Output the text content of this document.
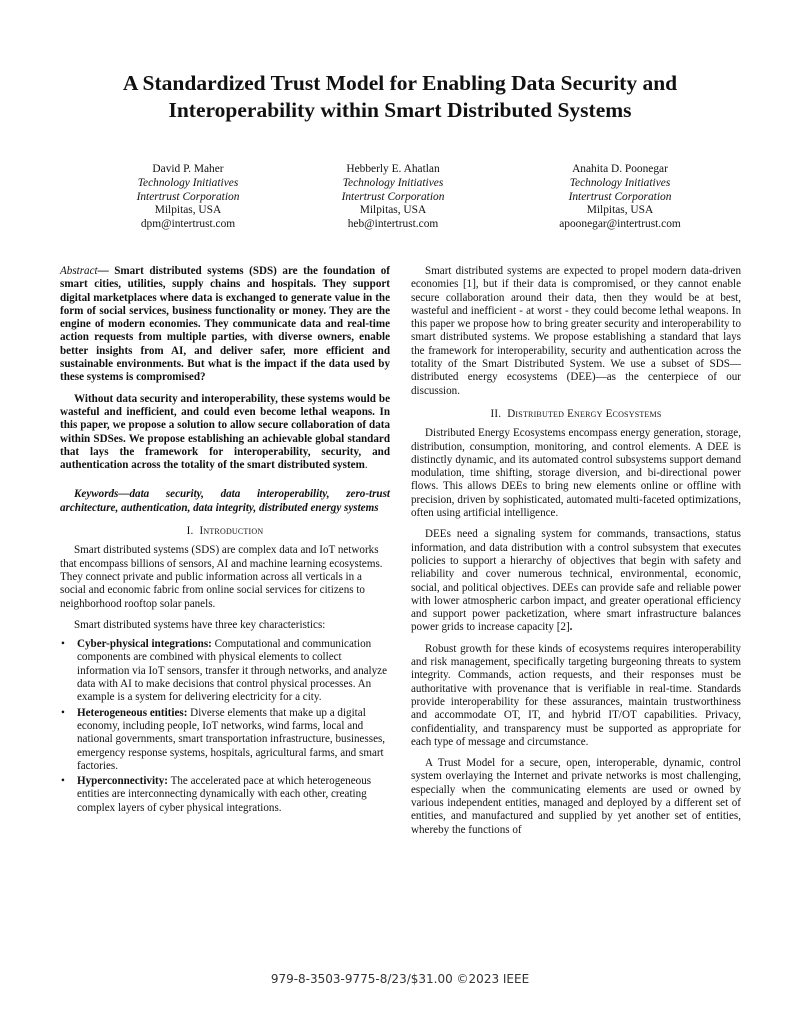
A Standardized Trust Model for Enabling Data Security and
Interoperability within Smart Distributed Systems
David P. Maher
Technology Initiatives
Intertrust Corporation
Milpitas, USA
dpm@intertrust.com
Hebberly E. Ahatlan
Technology Initiatives
Intertrust Corporation
Milpitas, USA
heb@intertrust.com
Anahita D. Poonegar
Technology Initiatives
Intertrust Corporation
Milpitas, USA
apoonegar@intertrust.com

Abstract— Smart distributed systems (SDS) are the foundation of smart cities, utilities, supply chains and hospitals. They support digital marketplaces where data is exchanged to generate value in the form of social services, business functionality or money. They are the engine of modern economies. They communicate data and real-time action requests from multiple parties, with diverse owners, enable better insights from AI, and deliver safer, more efficient and sustainable environments. But what is the impact if the data used by these systems is compromised?

Without data security and interoperability, these systems would be wasteful and inefficient, and could even become lethal weapons. In this paper, we propose a solution to allow secure collaboration of data within SDSes. We propose establishing an achievable global standard that lays the framework for interoperability, security, and authentication across the totality of the smart distributed system.

Keywords—data security, data interoperability, zero-trust architecture, authentication, data integrity, distributed energy systems

I. Introduction

Smart distributed systems (SDS) are complex data and IoT networks that encompass billions of sensors, AI and machine learning ecosystems. They connect private and public information across all verticals in a social and economic fabric from online social services for citizens to neighborhood rooftop solar panels.

Smart distributed systems have three key characteristics:

• Cyber-physical integrations: Computational and communication components are combined with physical elements to collect information via IoT sensors, transfer it through networks, and analyze data with AI to make decisions that control physical processes. An example is a system for delivering electricity for a city.
• Heterogeneous entities: Diverse elements that make up a digital economy, including people, IoT networks, wind farms, local and national governments, smart transportation infrastructure, businesses, emergency response systems, hospitals, agricultural farms, and smart factories.
• Hyperconnectivity: The accelerated pace at which heterogeneous entities are interconnecting dynamically with each other, creating complex layers of cyber physical integrations.

Smart distributed systems are expected to propel modern data-driven economies [1], but if their data is compromised, or they cannot enable secure collaboration around their data, then they would be at best, wasteful and inefficient - at worst - they could become lethal weapons. In this paper we propose how to bring greater security and interoperability to smart distributed systems. We propose establishing a standard that lays the framework for interoperability, security and authentication across the totality of the Smart Distributed System. We use a subset of SDS—distributed energy ecosystems (DEE)—as the centerpiece of our discussion.

II. Distributed Energy Ecosystems

Distributed Energy Ecosystems encompass energy generation, storage, distribution, consumption, monitoring, and control elements. A DEE is distinctly dynamic, and its automated control subsystems support demand modulation, time shifting, storage diversion, and bi-directional power flows. This allows DEEs to bring new elements online or offline with precision, driven by sophisticated, automated multi-faceted optimizations, often using artificial intelligence.

DEEs need a signaling system for commands, transactions, status information, and data distribution with a control subsystem that executes policies to support a hierarchy of objectives that begin with safety and reliability and cover numerous technical, environmental, economic, social, and political objectives. DEEs can provide safe and reliable power with lower atmospheric carbon impact, and greater operational efficiency and support power packetization, where smart infrastructure balances power grids to increase capacity [2].

Robust growth for these kinds of ecosystems requires interoperability and risk management, specifically targeting burgeoning threats to system integrity. Commands, action requests, and their responses must be authoritative with provenance that is verifiable in real-time. Standards provide interoperability for these assurances, maintain trustworthiness and accommodate OT, IT, and hybrid IT/OT capabilities. Privacy, confidentiality, and transparency must be supported as appropriate for each type of message and circumstance.

A Trust Model for a secure, open, interoperable, dynamic, control system overlaying the Internet and private networks is most challenging, especially when the communicating elements are used or owned by various independent entities, managed and deployed by a different set of entities, and manufactured and supplied by yet another set of entities, whereby the functions of

979-8-3503-9775-8/23/$31.00 ©2023 IEEE
